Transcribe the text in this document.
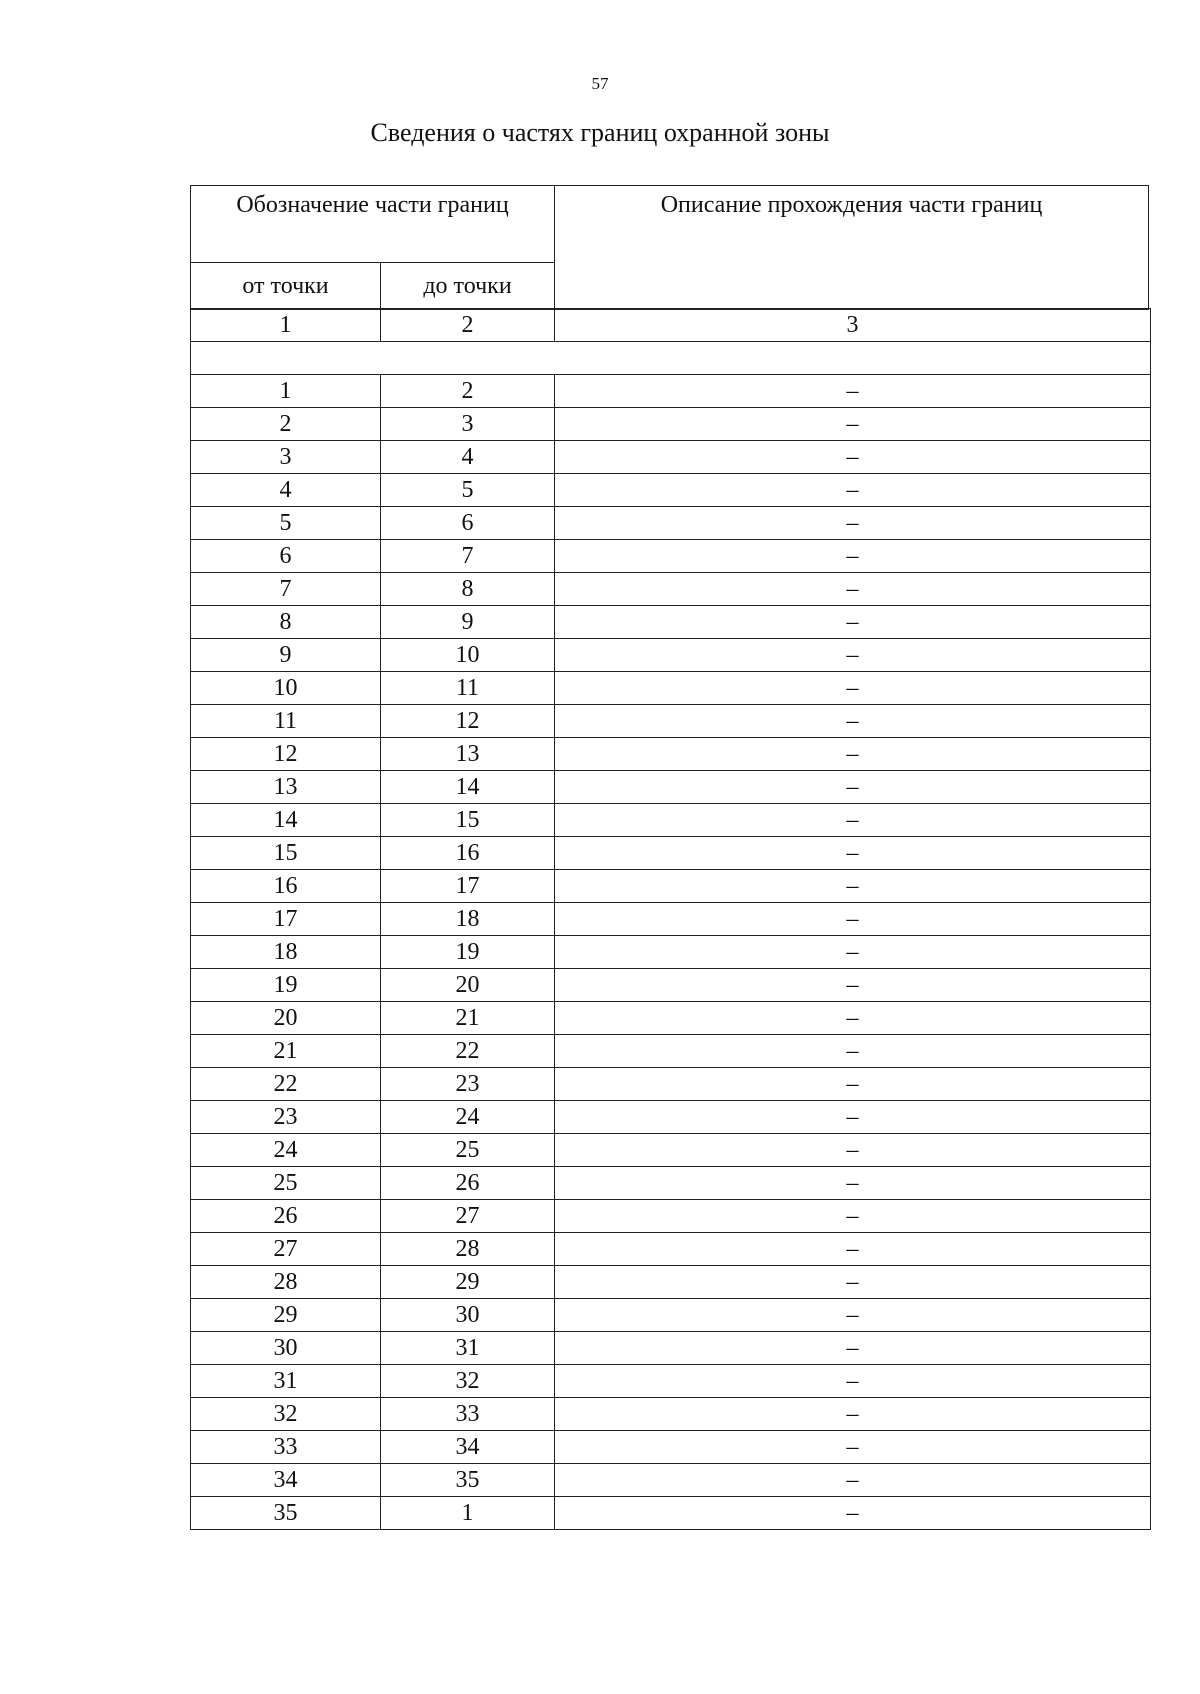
57
Сведения о частях границ охранной зоны
Обозначение части границ		Описание прохождения части границ
от точки	до точки	
1	2	3

1	2	–
2	3	–
3	4	–
4	5	–
5	6	–
6	7	–
7	8	–
8	9	–
9	10	–
10	11	–
11	12	–
12	13	–
13	14	–
14	15	–
15	16	–
16	17	–
17	18	–
18	19	–
19	20	–
20	21	–
21	22	–
22	23	–
23	24	–
24	25	–
25	26	–
26	27	–
27	28	–
28	29	–
29	30	–
30	31	–
31	32	–
32	33	–
33	34	–
34	35	–
35	1	–
